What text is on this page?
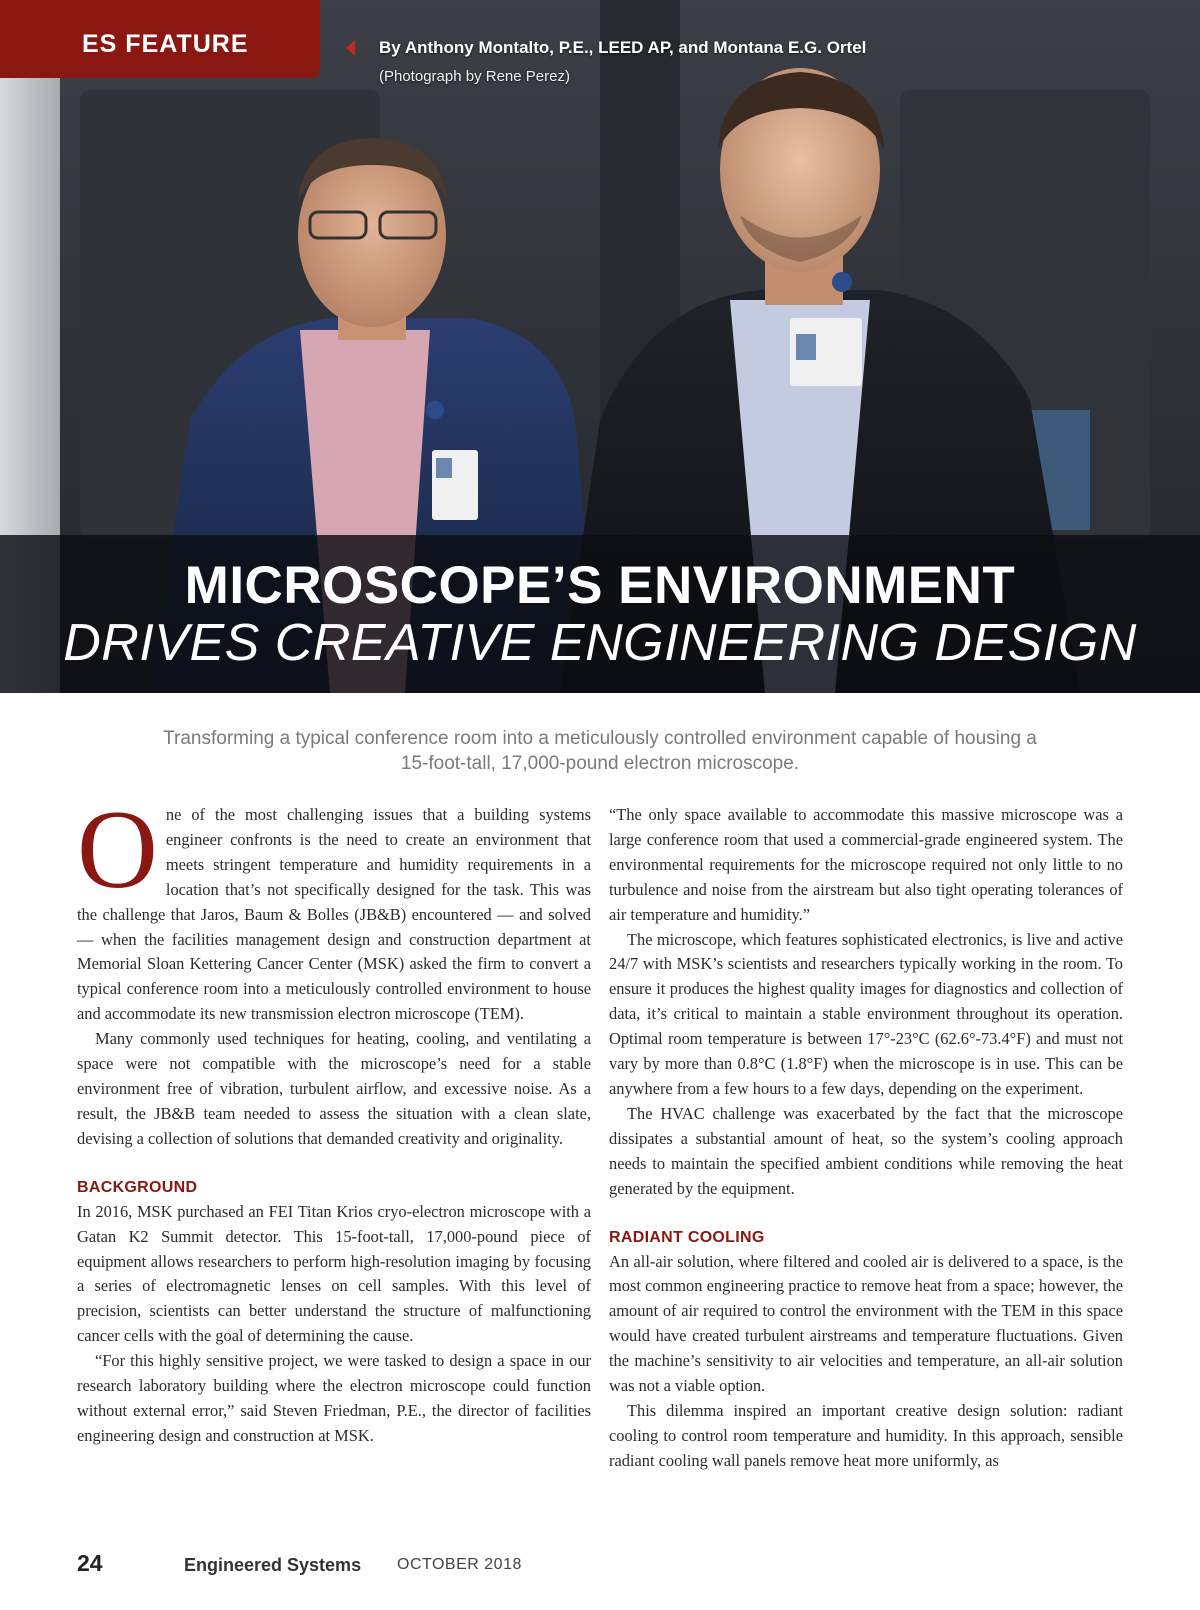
ES FEATURE	By Anthony Montalto, P.E., LEED AP, and Montana E.G. Ortel
(Photograph by Rene Perez)
MICROSCOPE’S ENVIRONMENT
DRIVES CREATIVE ENGINEERING DESIGN
Transforming a typical conference room into a meticulously controlled environment capable of housing a 15-foot-tall, 17,000-pound electron microscope.

One of the most challenging issues that a building systems engineer confronts is the need to create an environment that meets stringent temperature and humidity requirements in a location that’s not specifically designed for the task. This was the challenge that Jaros, Baum & Bolles (JB&B) encountered — and solved — when the facilities management design and construction department at Memorial Sloan Kettering Cancer Center (MSK) asked the firm to convert a typical conference room into a meticulously controlled environment to house and accommodate its new transmission electron microscope (TEM).

Many commonly used techniques for heating, cooling, and ventilating a space were not compatible with the microscope’s need for a stable environment free of vibration, turbulent airflow, and excessive noise. As a result, the JB&B team needed to assess the situation with a clean slate, devising a collection of solutions that demanded creativity and originality.

BACKGROUND

In 2016, MSK purchased an FEI Titan Krios cryo-electron microscope with a Gatan K2 Summit detector. This 15-foot-tall, 17,000-pound piece of equipment allows researchers to perform high-resolution imaging by focusing a series of electromagnetic lenses on cell samples. With this level of precision, scientists can better understand the structure of malfunctioning cancer cells with the goal of determining the cause.

“For this highly sensitive project, we were tasked to design a space in our research laboratory building where the electron microscope could function without external error,” said Steven Friedman, P.E., the director of facilities engineering design and construction at MSK.

“The only space available to accommodate this massive microscope was a large conference room that used a commercial-grade engineered system. The environmental requirements for the microscope required not only little to no turbulence and noise from the airstream but also tight operating tolerances of air temperature and humidity.”

The microscope, which features sophisticated electronics, is live and active 24/7 with MSK’s scientists and researchers typically working in the room. To ensure it produces the highest quality images for diagnostics and collection of data, it’s critical to maintain a stable environment throughout its operation. Optimal room temperature is between 17°-23°C (62.6°-73.4°F) and must not vary by more than 0.8°C (1.8°F) when the microscope is in use. This can be anywhere from a few hours to a few days, depending on the experiment.

The HVAC challenge was exacerbated by the fact that the microscope dissipates a substantial amount of heat, so the system’s cooling approach needs to maintain the specified ambient conditions while removing the heat generated by the equipment.

RADIANT COOLING

An all-air solution, where filtered and cooled air is delivered to a space, is the most common engineering practice to remove heat from a space; however, the amount of air required to control the environment with the TEM in this space would have created turbulent airstreams and temperature fluctuations. Given the machine’s sensitivity to air velocities and temperature, an all-air solution was not a viable option.

This dilemma inspired an important creative design solution: radiant cooling to control room temperature and humidity. In this approach, sensible radiant cooling wall panels remove heat more uniformly, as

24	Engineered Systems OCTOBER 2018
